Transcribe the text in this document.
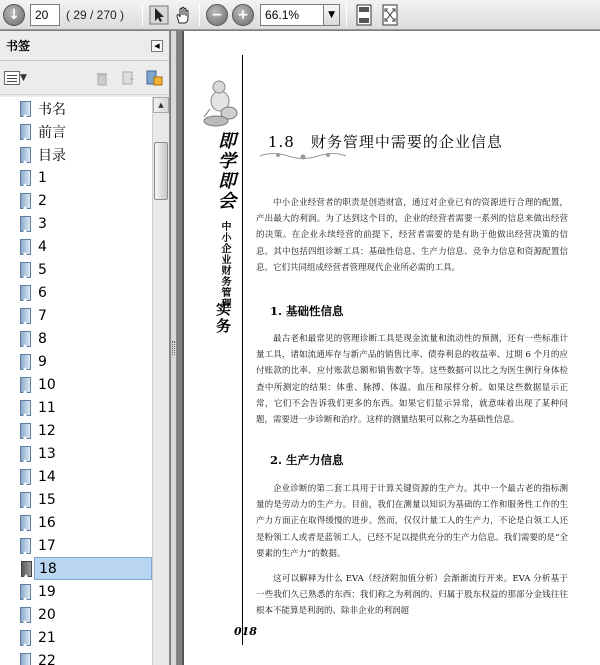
↓	20	( 29 / 270 )	−	+	66.1%	▼
书签	◀
▼
书名
前言
目录
1
2
3
4
5
6
7
8
9
10
11
12
13
14
15
16
17
18
19
20
21
22
▲
即学即会
中小企业财务管理
实务
1.8　财务管理中需要的企业信息

中小企业经营者的职责是创造财富，通过对企业已有的资源进行合理的配置，产出最大的利润。为了达到这个目的，企业的经营者需要一系列的信息来做出经营的决策。在企业永续经营的前提下，经营者需要的是有助于他做出经营决策的信息。其中包括四组诊断工具：基础性信息、生产力信息、竞争力信息和资源配置信息。它们共同组成经营者管理现代企业所必需的工具。

1. 基础性信息

最古老和最常见的管理诊断工具是现金流量和流动性的预测，还有一些标准计量工具，诸如流通库存与新产品的销售比率、债券利息的收益率、过期 6 个月的应付账款的比率、应付账款总额和销售数字等。这些数据可以比之为医生例行身体检查中所测定的结果：体重、脉搏、体温、血压和尿样分析。如果这些数据显示正常，它们不会告诉我们更多的东西。如果它们显示异常，就意味着出现了某种问题，需要进一步诊断和治疗。这样的测量结果可以称之为基础性信息。

2. 生产力信息

企业诊断的第二套工具用于计算关键资源的生产力。其中一个最古老的指标测量的是劳动力的生产力。目前，我们在测量以知识为基础的工作和服务性工作的生产力方面正在取得缓慢的进步。然而，仅仅计量工人的生产力，不论是白领工人还是粉领工人或者是蓝领工人，已经不足以提供充分的生产力信息。我们需要的是“全要素的生产力”的数据。

这可以解释为什么 EVA（经济附加值分析）会渐渐流行开来。EVA 分析基于一些我们久已熟悉的东西：我们称之为利润的、归属于股东权益的那部分金钱往往根本不能算是利润的、除非企业的利润超

018
